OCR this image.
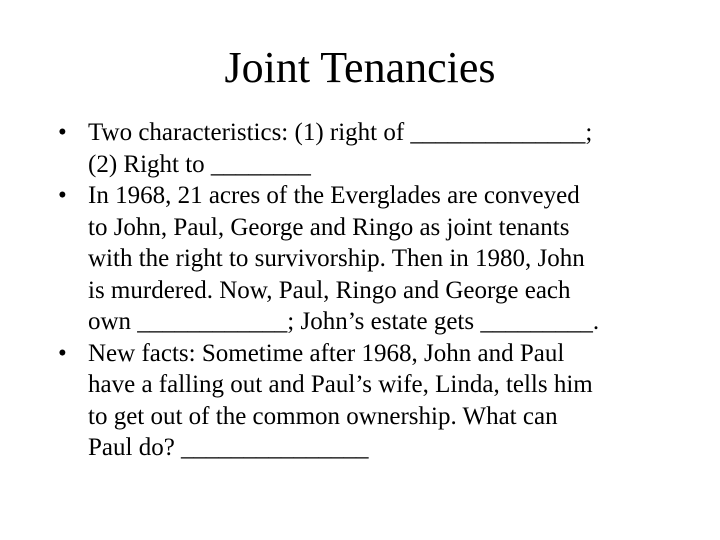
Joint Tenancies
• Two characteristics: (1) right of ______________;
(2) Right to ________
• In 1968, 21 acres of the Everglades are conveyed
to John, Paul, George and Ringo as joint tenants
with the right to survivorship. Then in 1980, John
is murdered. Now, Paul, Ringo and George each
own ____________; John’s estate gets _________.
• New facts: Sometime after 1968, John and Paul
have a falling out and Paul’s wife, Linda, tells him
to get out of the common ownership. What can
Paul do? _______________
